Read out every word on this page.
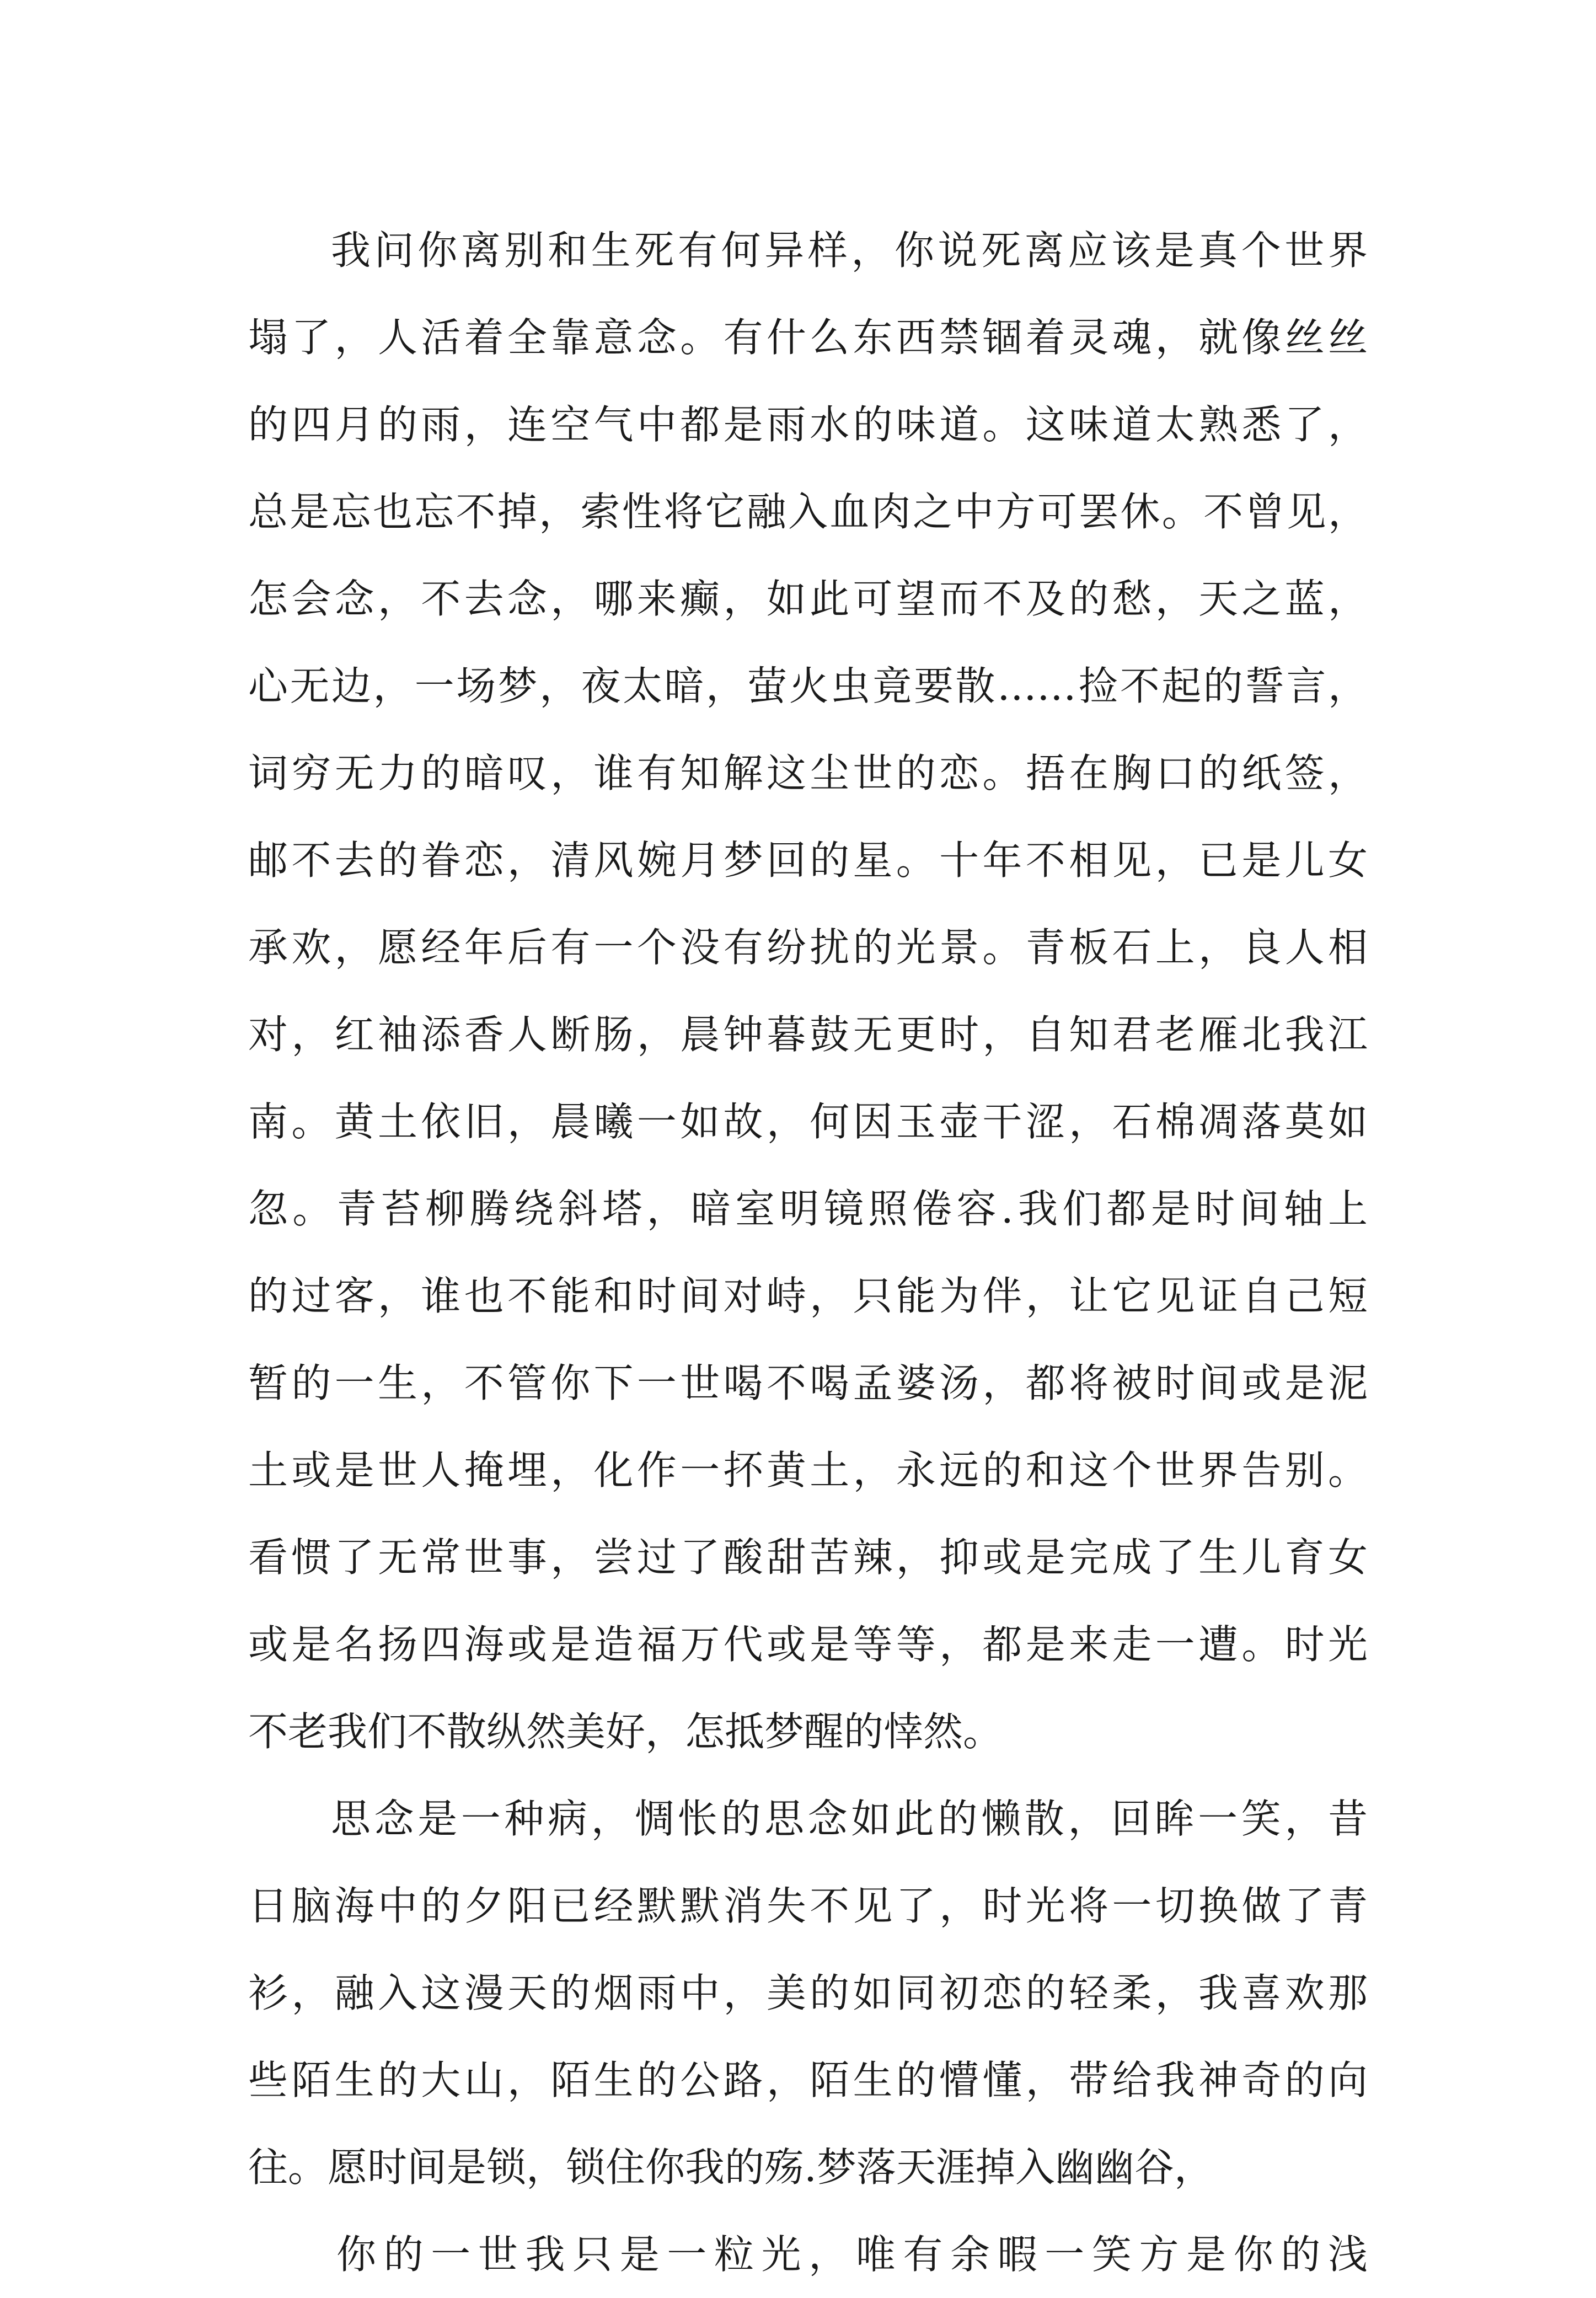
我问你离别和生死有何异样，你说死离应该是真个世界
塌了，人活着全靠意念。有什么东西禁锢着灵魂，就像丝丝
的四月的雨，连空气中都是雨水的味道。这味道太熟悉了，
总是忘也忘不掉，索性将它融入血肉之中方可罢休。不曾见，
怎会念，不去念，哪来癫，如此可望而不及的愁，天之蓝，
心无边，一场梦，夜太暗，萤火虫竟要散……捡不起的誓言，
词穷无力的暗叹，谁有知解这尘世的恋。捂在胸口的纸签，
邮不去的眷恋，清风婉月梦回的星。十年不相见，已是儿女
承欢，愿经年后有一个没有纷扰的光景。青板石上，良人相
对，红袖添香人断肠，晨钟暮鼓无更时，自知君老雁北我江
南。黄土依旧，晨曦一如故，何因玉壶干涩，石棉凋落莫如
忽。青苔柳腾绕斜塔，暗室明镜照倦容.我们都是时间轴上
的过客，谁也不能和时间对峙，只能为伴，让它见证自己短
暂的一生，不管你下一世喝不喝孟婆汤，都将被时间或是泥
土或是世人掩埋，化作一抔黄土，永远的和这个世界告别。
看惯了无常世事，尝过了酸甜苦辣，抑或是完成了生儿育女
或是名扬四海或是造福万代或是等等，都是来走一遭。时光
不老我们不散纵然美好，怎抵梦醒的悻然。
思念是一种病，惆怅的思念如此的懒散，回眸一笑，昔
日脑海中的夕阳已经默默消失不见了，时光将一切换做了青
衫，融入这漫天的烟雨中，美的如同初恋的轻柔，我喜欢那
些陌生的大山，陌生的公路，陌生的懵懂，带给我神奇的向
往。愿时间是锁，锁住你我的殇.梦落天涯掉入幽幽谷，
你的一世我只是一粒光，唯有余暇一笑方是你的浅
